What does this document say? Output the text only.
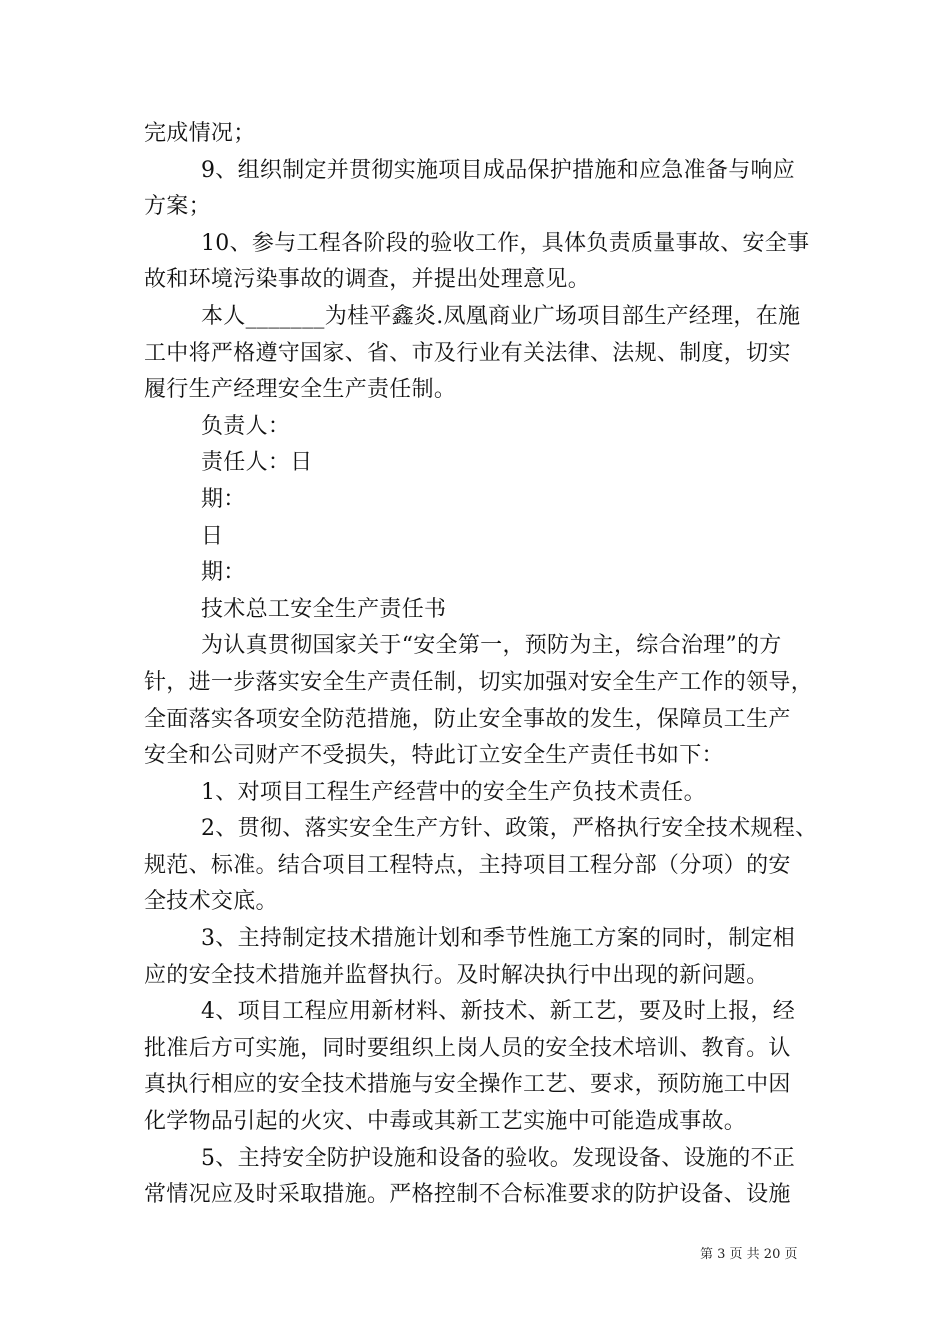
完成情况；
9、组织制定并贯彻实施项目成品保护措施和应急准备与响应
方案；
10、参与工程各阶段的验收工作，具体负责质量事故、安全事
故和环境污染事故的调查，并提出处理意见。
本人_______为桂平鑫炎.凤凰商业广场项目部生产经理，在施
工中将严格遵守国家、省、市及行业有关法律、法规、制度，切实
履行生产经理安全生产责任制。
负责人：
责任人：日
期：
日
期：
技术总工安全生产责任书
为认真贯彻国家关于“安全第一，预防为主，综合治理”的方
针，进一步落实安全生产责任制，切实加强对安全生产工作的领导，
全面落实各项安全防范措施，防止安全事故的发生，保障员工生产
安全和公司财产不受损失，特此订立安全生产责任书如下：
1、对项目工程生产经营中的安全生产负技术责任。
2、贯彻、落实安全生产方针、政策，严格执行安全技术规程、
规范、标准。结合项目工程特点，主持项目工程分部（分项）的安
全技术交底。
3、主持制定技术措施计划和季节性施工方案的同时，制定相
应的安全技术措施并监督执行。及时解决执行中出现的新问题。
4、项目工程应用新材料、新技术、新工艺，要及时上报，经
批准后方可实施，同时要组织上岗人员的安全技术培训、教育。认
真执行相应的安全技术措施与安全操作工艺、要求，预防施工中因
化学物品引起的火灾、中毒或其新工艺实施中可能造成事故。
5、主持安全防护设施和设备的验收。发现设备、设施的不正
常情况应及时采取措施。严格控制不合标准要求的防护设备、设施
第 3 页 共 20 页
